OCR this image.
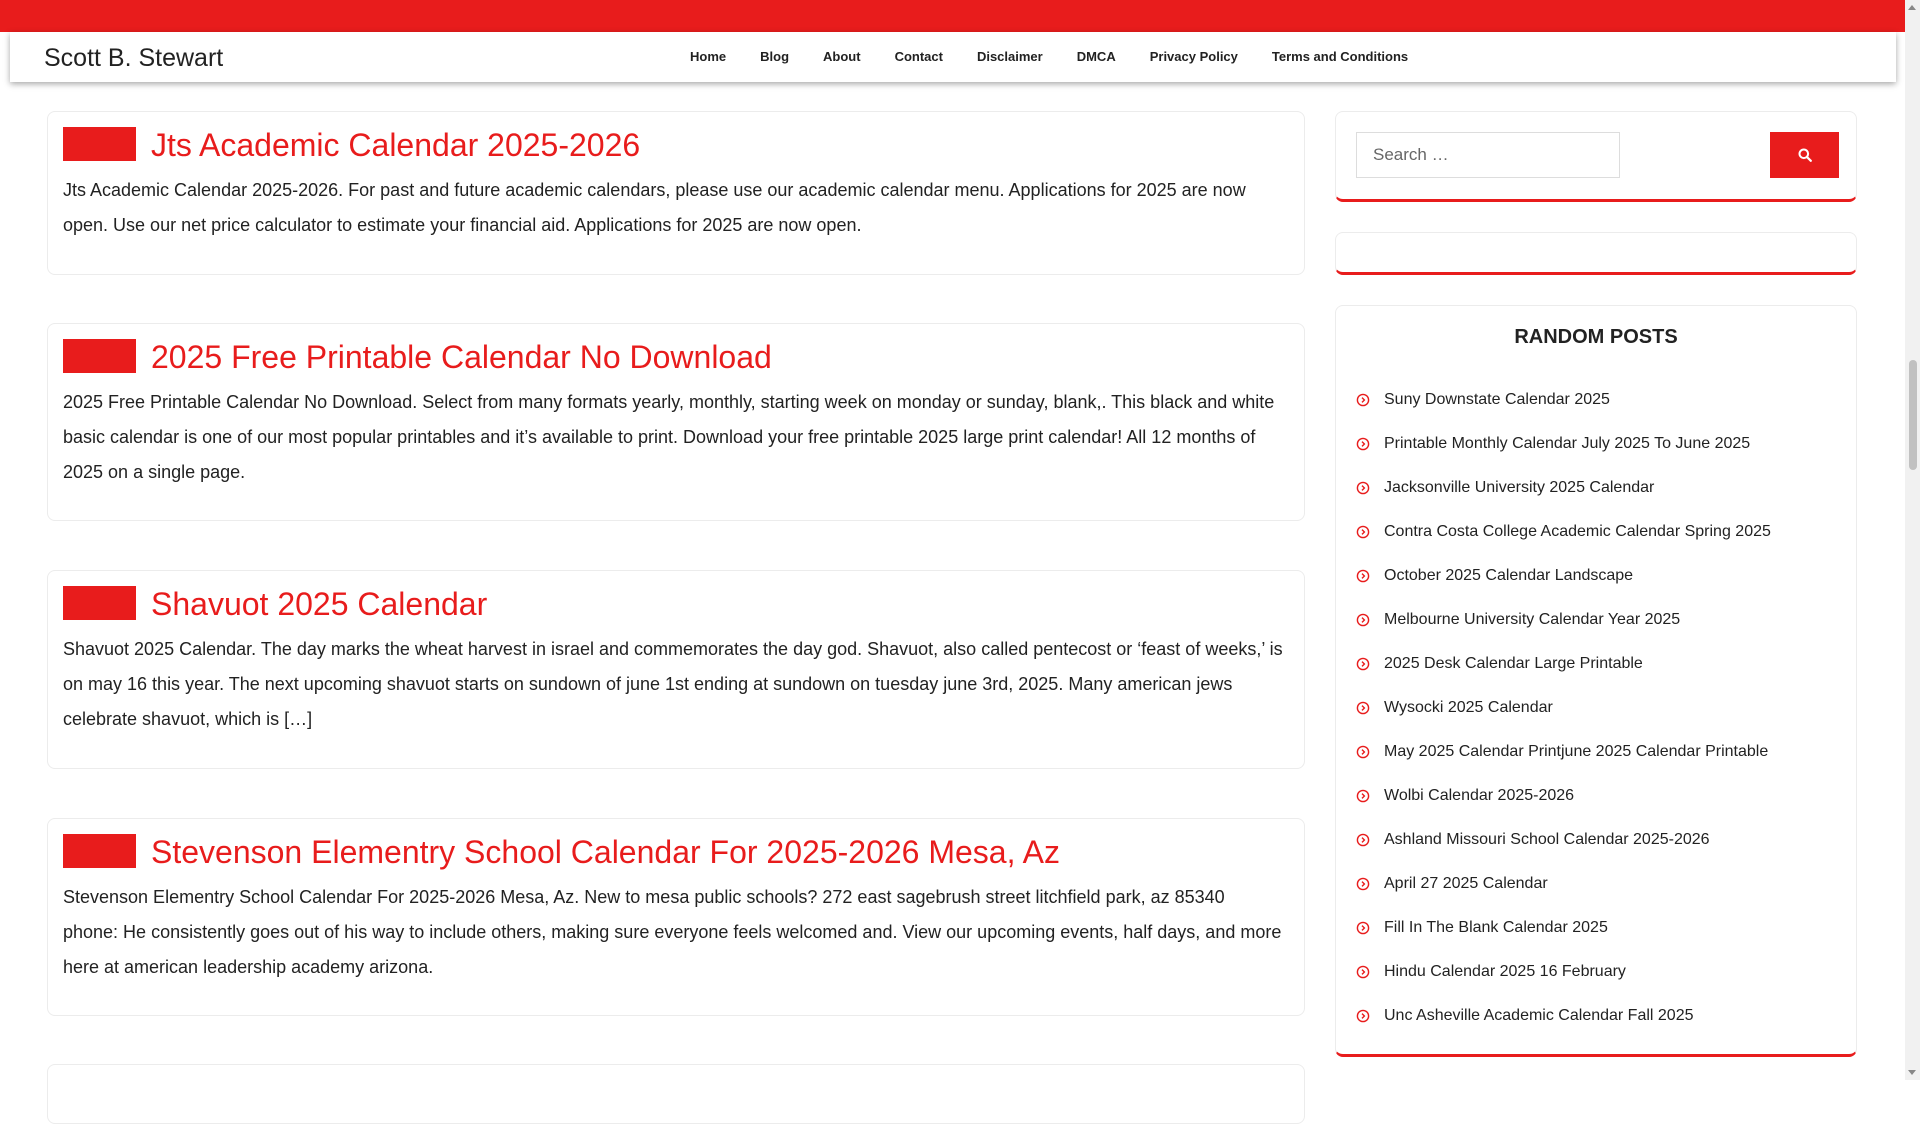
Scott B. Stewart	Home	Blog	About	Contact	Disclaimer	DMCA	Privacy Policy	Terms and Conditions
Jts Academic Calendar 2025-2026

Jts Academic Calendar 2025-2026. For past and future academic calendars, please use our academic calendar menu. Applications for 2025 are now open. Use our net price calculator to estimate your financial aid. Applications for 2025 are now open.

2025 Free Printable Calendar No Download

2025 Free Printable Calendar No Download. Select from many formats yearly, monthly, starting week on monday or sunday, blank,. This black and white basic calendar is one of our most popular printables and it’s available to print. Download your free printable 2025 large print calendar! All 12 months of 2025 on a single page.

Shavuot 2025 Calendar

Shavuot 2025 Calendar. The day marks the wheat harvest in israel and commemorates the day god. Shavuot, also called pentecost or ‘feast of weeks,’ is on may 16 this year. The next upcoming shavuot starts on sundown of june 1st ending at sundown on tuesday june 3rd, 2025. Many american jews celebrate shavuot, which is […]

Stevenson Elementry School Calendar For 2025-2026 Mesa, Az

Stevenson Elementry School Calendar For 2025-2026 Mesa, Az. New to mesa public schools? 272 east sagebrush street litchfield park, az 85340 phone: He consistently goes out of his way to include others, making sure everyone feels welcomed and. View our upcoming events, half days, and more here at american leadership academy arizona.

Search …
RANDOM POSTS
Suny Downstate Calendar 2025
Printable Monthly Calendar July 2025 To June 2025
Jacksonville University 2025 Calendar
Contra Costa College Academic Calendar Spring 2025
October 2025 Calendar Landscape
Melbourne University Calendar Year 2025
2025 Desk Calendar Large Printable
Wysocki 2025 Calendar
May 2025 Calendar Printjune 2025 Calendar Printable
Wolbi Calendar 2025-2026
Ashland Missouri School Calendar 2025-2026
April 27 2025 Calendar
Fill In The Blank Calendar 2025
Hindu Calendar 2025 16 February
Unc Asheville Academic Calendar Fall 2025
